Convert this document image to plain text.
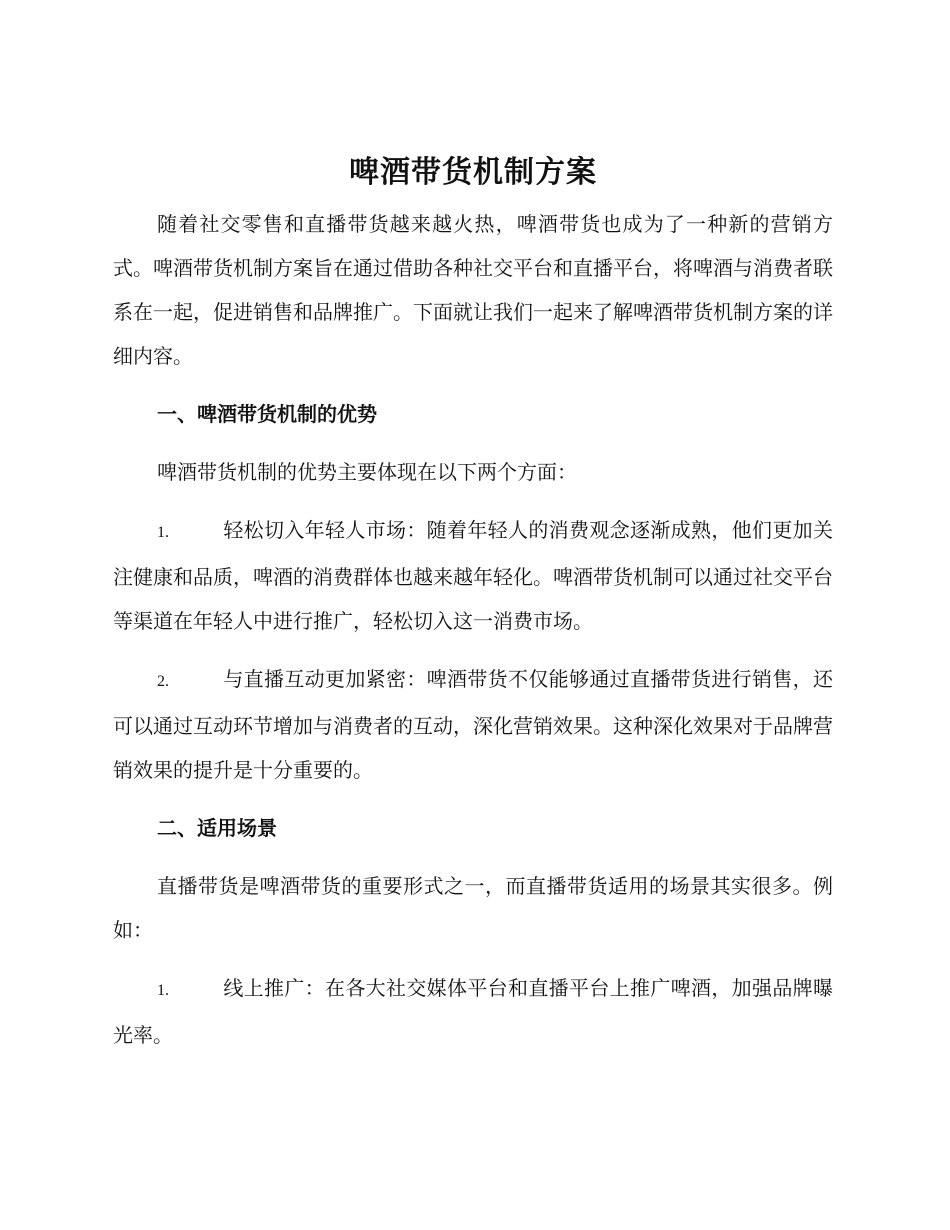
啤酒带货机制方案

随着社交零售和直播带货越来越火热，啤酒带货也成为了一种新的营销方式。啤酒带货机制方案旨在通过借助各种社交平台和直播平台，将啤酒与消费者联系在一起，促进销售和品牌推广。下面就让我们一起来了解啤酒带货机制方案的详细内容。

一、啤酒带货机制的优势

啤酒带货机制的优势主要体现在以下两个方面：

1.	轻松切入年轻人市场：随着年轻人的消费观念逐渐成熟，他们更加关注健康和品质，啤酒的消费群体也越来越年轻化。啤酒带货机制可以通过社交平台等渠道在年轻人中进行推广，轻松切入这一消费市场。

2.	与直播互动更加紧密：啤酒带货不仅能够通过直播带货进行销售，还可以通过互动环节增加与消费者的互动，深化营销效果。这种深化效果对于品牌营销效果的提升是十分重要的。

二、适用场景

直播带货是啤酒带货的重要形式之一，而直播带货适用的场景其实很多。例如：

1.	线上推广：在各大社交媒体平台和直播平台上推广啤酒，加强品牌曝光率。
